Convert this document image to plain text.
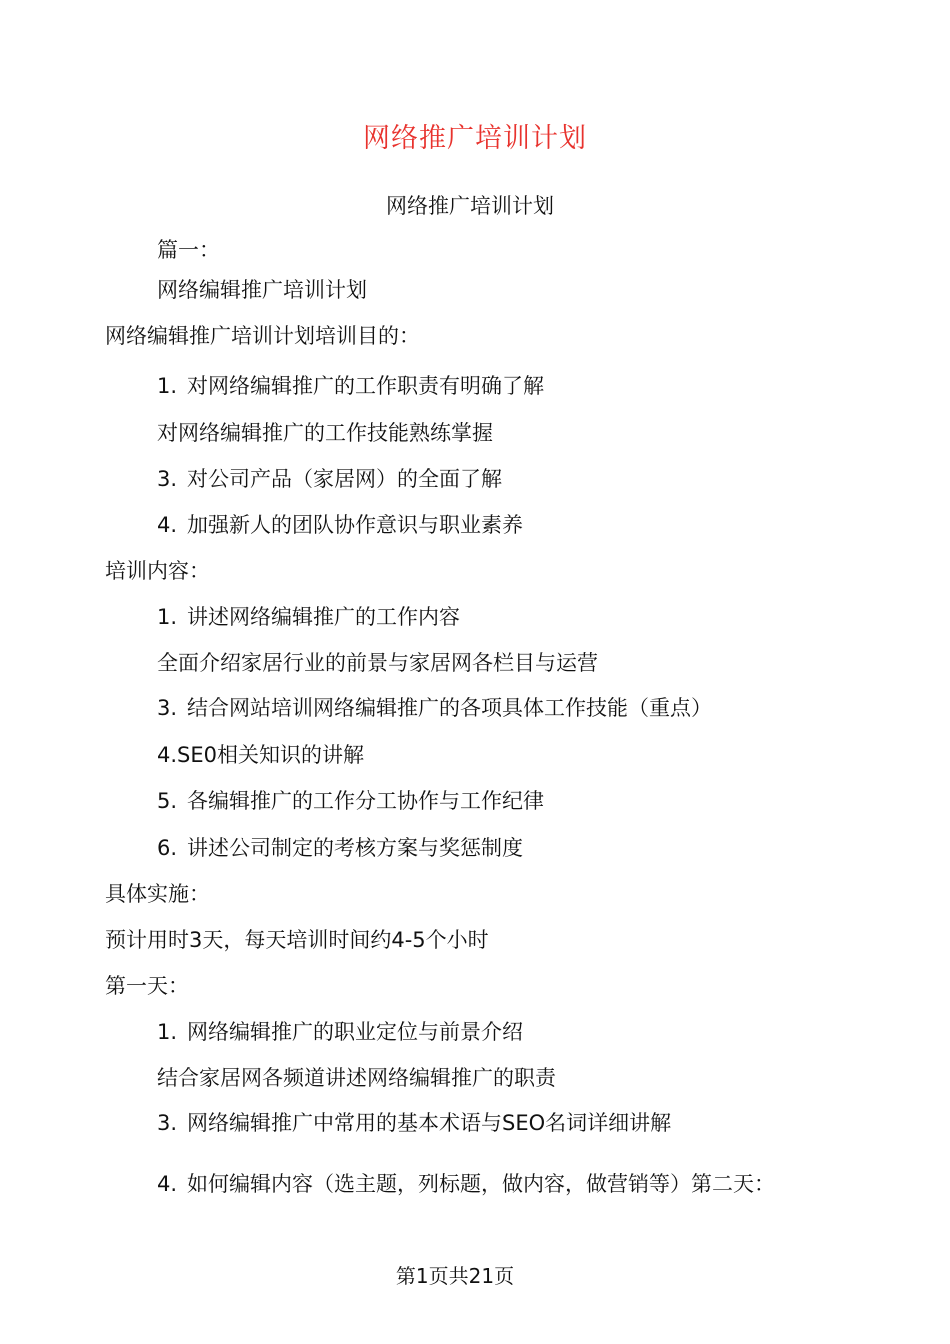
网络推广培训计划
网络推广培训计划
篇一：
网络编辑推广培训计划
网络编辑推广培训计划培训目的：
1. 对网络编辑推广的工作职责有明确了解
对网络编辑推广的工作技能熟练掌握
3. 对公司产品（家居网）的全面了解
4. 加强新人的团队协作意识与职业素养
培训内容：
1. 讲述网络编辑推广的工作内容
全面介绍家居行业的前景与家居网各栏目与运营
3. 结合网站培训网络编辑推广的各项具体工作技能（重点）
4.SE0相关知识的讲解
5. 各编辑推广的工作分工协作与工作纪律
6. 讲述公司制定的考核方案与奖惩制度
具体实施：
预计用时3天，每天培训时间约4-5个小时
第一天：
1. 网络编辑推广的职业定位与前景介绍
结合家居网各频道讲述网络编辑推广的职责
3. 网络编辑推广中常用的基本术语与SEO名词详细讲解
4. 如何编辑内容（选主题，列标题，做内容，做营销等）第二天：
第1页共21页
